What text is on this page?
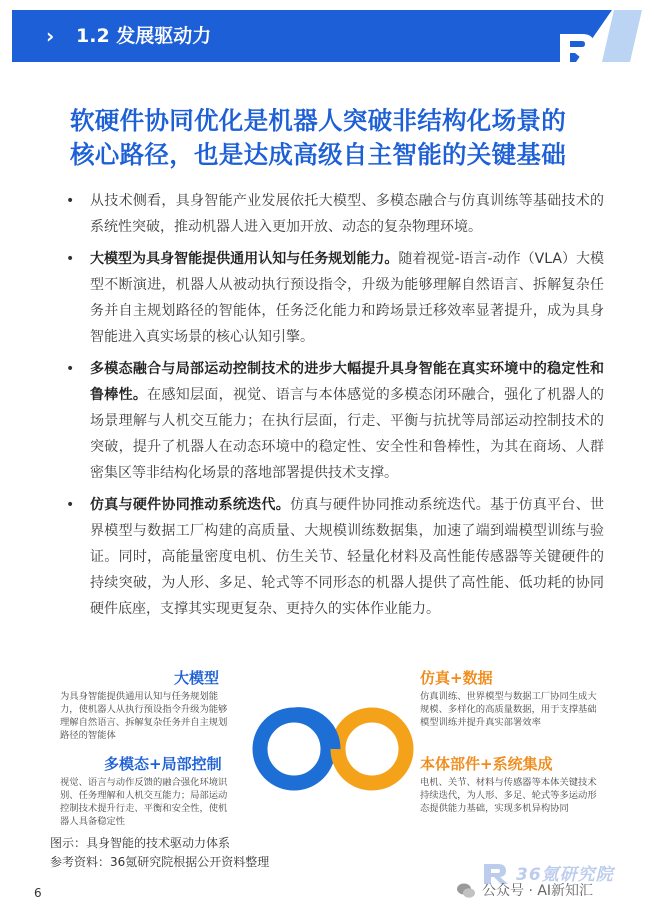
› 1.2 发展驱动力
软硬件协同优化是机器人突破非结构化场景的
核心路径，也是达成高级自主智能的关键基础
• 从技术侧看，具身智能产业发展依托大模型、多模态融合与仿真训练等基础技术的系统性突破，推动机器人进入更加开放、动态的复杂物理环境。
• 大模型为具身智能提供通用认知与任务规划能力。随着视觉-语言-动作（VLA）大模型不断演进，机器人从被动执行预设指令，升级为能够理解自然语言、拆解复杂任务并自主规划路径的智能体，任务泛化能力和跨场景迁移效率显著提升，成为具身智能进入真实场景的核心认知引擎。
• 多模态融合与局部运动控制技术的进步大幅提升具身智能在真实环境中的稳定性和鲁棒性。在感知层面，视觉、语言与本体感觉的多模态闭环融合，强化了机器人的场景理解与人机交互能力；在执行层面，行走、平衡与抗扰等局部运动控制技术的突破，提升了机器人在动态环境中的稳定性、安全性和鲁棒性，为其在商场、人群密集区等非结构化场景的落地部署提供技术支撑。
• 仿真与硬件协同推动系统迭代。仿真与硬件协同推动系统迭代。基于仿真平台、世界模型与数据工厂构建的高质量、大规模训练数据集，加速了端到端模型训练与验证。同时，高能量密度电机、仿生关节、轻量化材料及高性能传感器等关键硬件的持续突破，为人形、多足、轮式等不同形态的机器人提供了高性能、低功耗的协同硬件底座，支撑其实现更复杂、更持久的实体作业能力。
大模型
为具身智能提供通用认知与任务规划能力，使机器人从执行预设指令升级为能够理解自然语言、拆解复杂任务并自主规划路径的智能体
多模态+局部控制
视觉、语言与动作反馈的融合强化环境识别、任务理解和人机交互能力；局部运动控制技术提升行走、平衡和安全性，使机器人具备稳定性
仿真+数据
仿真训练、世界模型与数据工厂协同生成大规模、多样化的高质量数据，用于支撑基础模型训练并提升真实部署效率
本体部件+系统集成
电机、关节、材料与传感器等本体关键技术持续迭代，为人形、多足、轮式等多运动形态提供能力基础，实现多机异构协同
图示：具身智能的技术驱动力体系
参考资料：36氪研究院根据公开资料整理
6
36氪研究院
公众号 · AI新知汇
